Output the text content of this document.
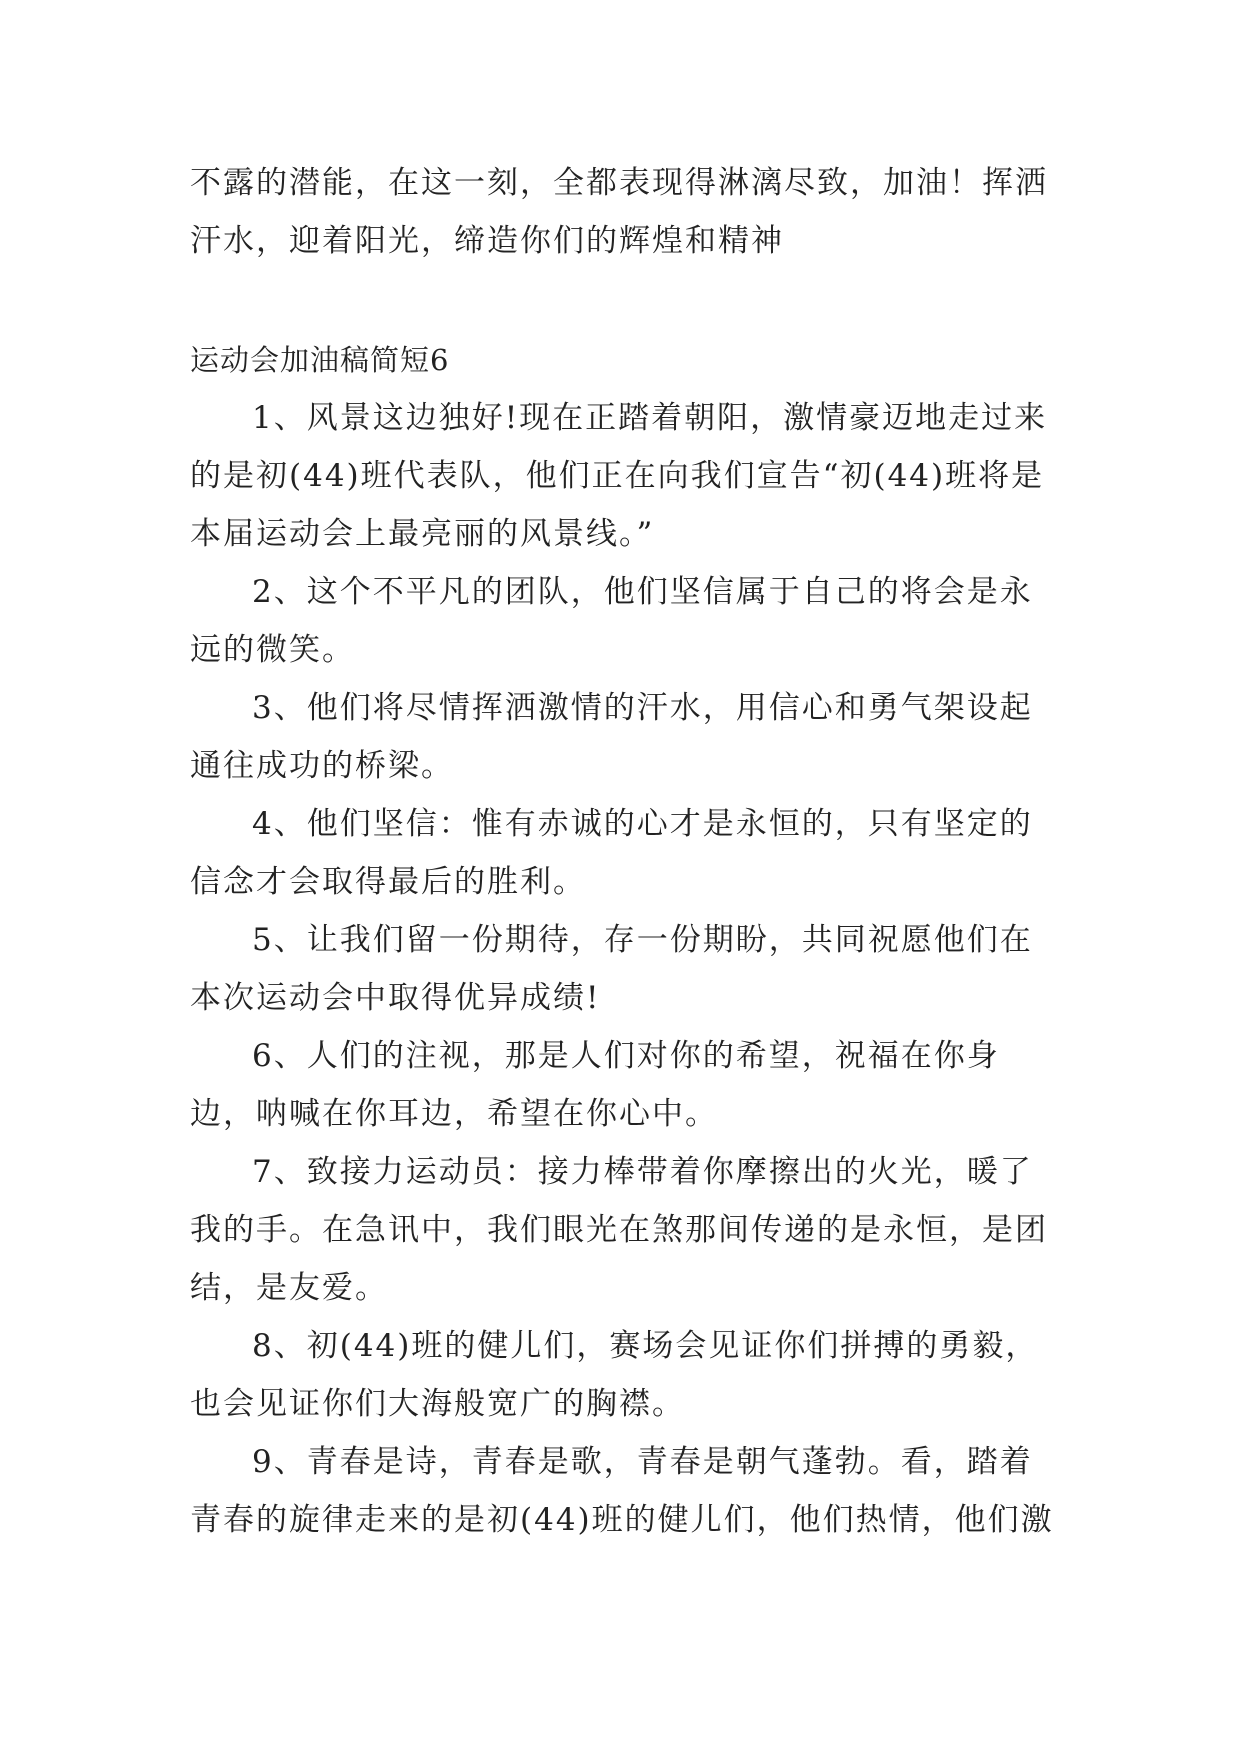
不露的潜能，在这一刻，全都表现得淋漓尽致，加油！挥洒汗水，迎着阳光，缔造你们的辉煌和精神

运动会加油稿简短6

1、风景这边独好!现在正踏着朝阳，激情豪迈地走过来的是初(44)班代表队，他们正在向我们宣告“初(44)班将是本届运动会上最亮丽的风景线。”

2、这个不平凡的团队，他们坚信属于自己的将会是永远的微笑。

3、他们将尽情挥洒激情的汗水，用信心和勇气架设起通往成功的桥梁。

4、他们坚信：惟有赤诚的心才是永恒的，只有坚定的信念才会取得最后的胜利。

5、让我们留一份期待，存一份期盼，共同祝愿他们在本次运动会中取得优异成绩!

6、人们的注视，那是人们对你的希望，祝福在你身边，呐喊在你耳边，希望在你心中。

7、致接力运动员：接力棒带着你摩擦出的火光，暖了我的手。在急讯中，我们眼光在煞那间传递的是永恒，是团结，是友爱。

8、初(44)班的健儿们，赛场会见证你们拼搏的勇毅，也会见证你们大海般宽广的胸襟。

9、青春是诗，青春是歌，青春是朝气蓬勃。看，踏着青春的旋律走来的是初(44)班的健儿们，他们热情，他们激
